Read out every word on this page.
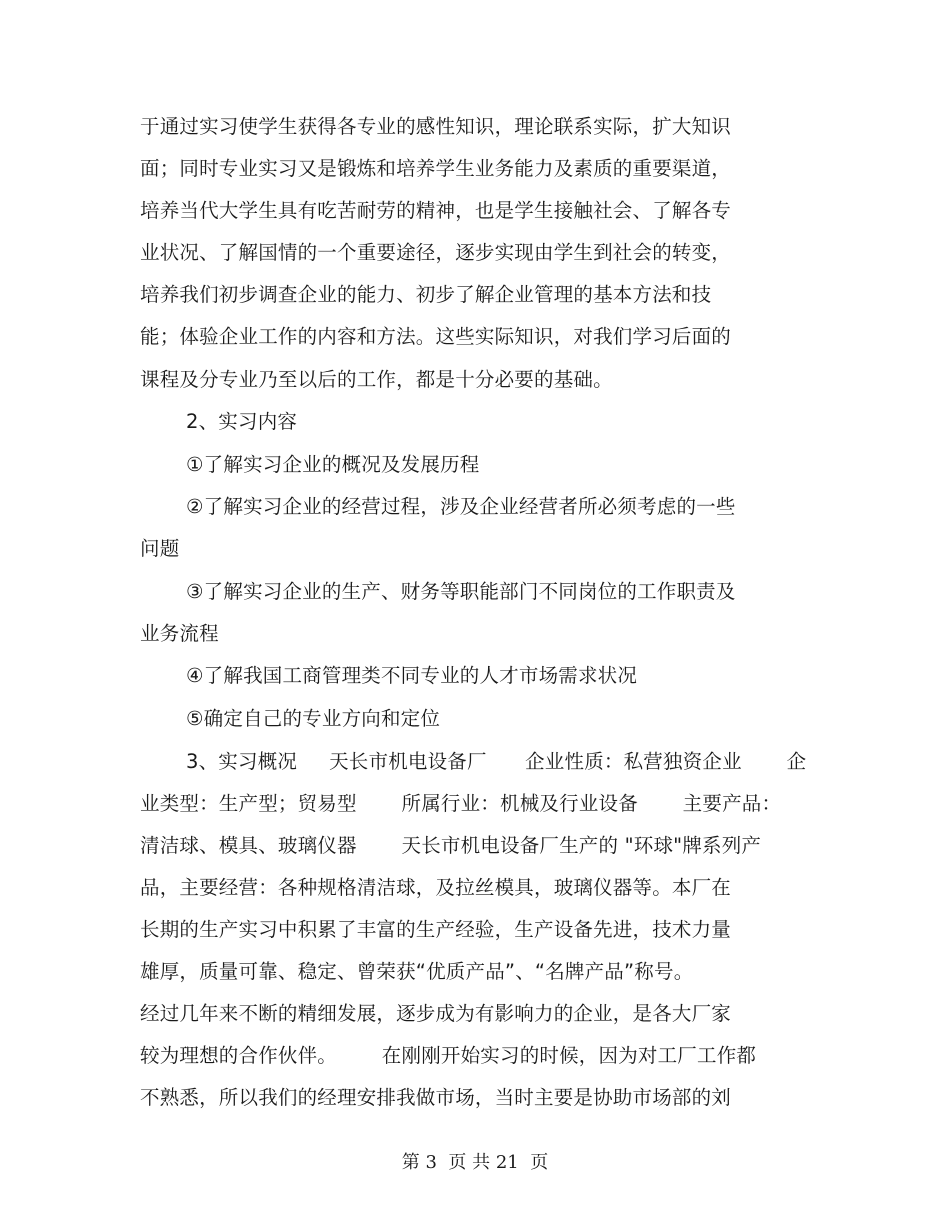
于通过实习使学生获得各专业的感性知识，理论联系实际，扩大知识
面；同时专业实习又是锻炼和培养学生业务能力及素质的重要渠道，
培养当代大学生具有吃苦耐劳的精神，也是学生接触社会、了解各专
业状况、了解国情的一个重要途径，逐步实现由学生到社会的转变，
培养我们初步调查企业的能力、初步了解企业管理的基本方法和技
能；体验企业工作的内容和方法。这些实际知识，对我们学习后面的
课程及分专业乃至以后的工作，都是十分必要的基础。
2、实习内容
①了解实习企业的概况及发展历程
②了解实习企业的经营过程，涉及企业经营者所必须考虑的一些
问题
③了解实习企业的生产、财务等职能部门不同岗位的工作职责及
业务流程
④了解我国工商管理类不同专业的人才市场需求状况
⑤确定自己的专业方向和定位
3、实习概况     天长市机电设备厂      企业性质：私营独资企业       企
业类型：生产型；贸易型       所属行业：机械及行业设备       主要产品：
清洁球、模具、玻璃仪器       天长市机电设备厂生产的 "环球"牌系列产
品，主要经营：各种规格清洁球，及拉丝模具，玻璃仪器等。本厂在
长期的生产实习中积累了丰富的生产经验，生产设备先进，技术力量
雄厚，质量可靠、稳定、曾荣获“优质产品”、“名牌产品”称号。
经过几年来不断的精细发展，逐步成为有影响力的企业，是各大厂家
较为理想的合作伙伴。       在刚刚开始实习的时候，因为对工厂工作都
不熟悉，所以我们的经理安排我做市场，当时主要是协助市场部的刘
第 3  页 共 21  页
